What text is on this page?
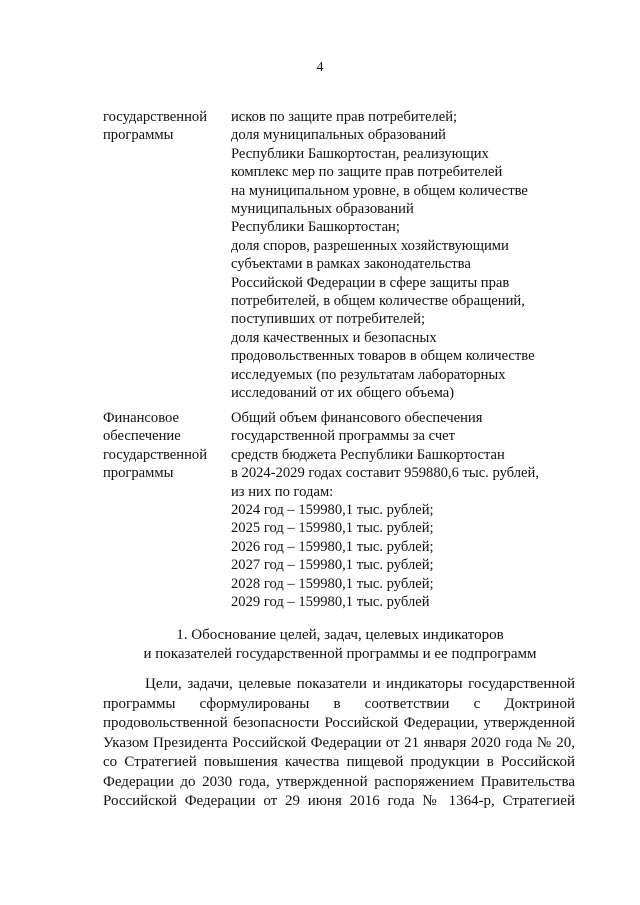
4
государственной
программы
исков по защите прав потребителей;
доля муниципальных образований
Республики Башкортостан, реализующих
комплекс мер по защите прав потребителей
на муниципальном уровне, в общем количестве
муниципальных образований
Республики Башкортостан;
доля споров, разрешенных хозяйствующими
субъектами в рамках законодательства
Российской Федерации в сфере защиты прав
потребителей, в общем количестве обращений,
поступивших от потребителей;
доля качественных и безопасных
продовольственных товаров в общем количестве
исследуемых (по результатам лабораторных
исследований от их общего объема)
Финансовое
обеспечение
государственной
программы
Общий объем финансового обеспечения
государственной программы за счет
средств бюджета Республики Башкортостан
в 2024-2029 годах составит 959880,6 тыс. рублей,
из них по годам:
2024 год – 159980,1 тыс. рублей;
2025 год – 159980,1 тыс. рублей;
2026 год – 159980,1 тыс. рублей;
2027 год – 159980,1 тыс. рублей;
2028 год – 159980,1 тыс. рублей;
2029 год – 159980,1 тыс. рублей
1. Обоснование целей, задач, целевых индикаторов
и показателей государственной программы и ее подпрограмм
Цели, задачи, целевые показатели и индикаторы государственной
программы сформулированы в соответствии с Доктриной
продовольственной безопасности Российской Федерации, утвержденной
Указом Президента Российской Федерации от 21 января 2020 года № 20,
со Стратегией повышения качества пищевой продукции в Российской
Федерации до 2030 года, утвержденной распоряжением Правительства
Российской Федерации от 29 июня 2016 года № 1364-р, Стратегией
